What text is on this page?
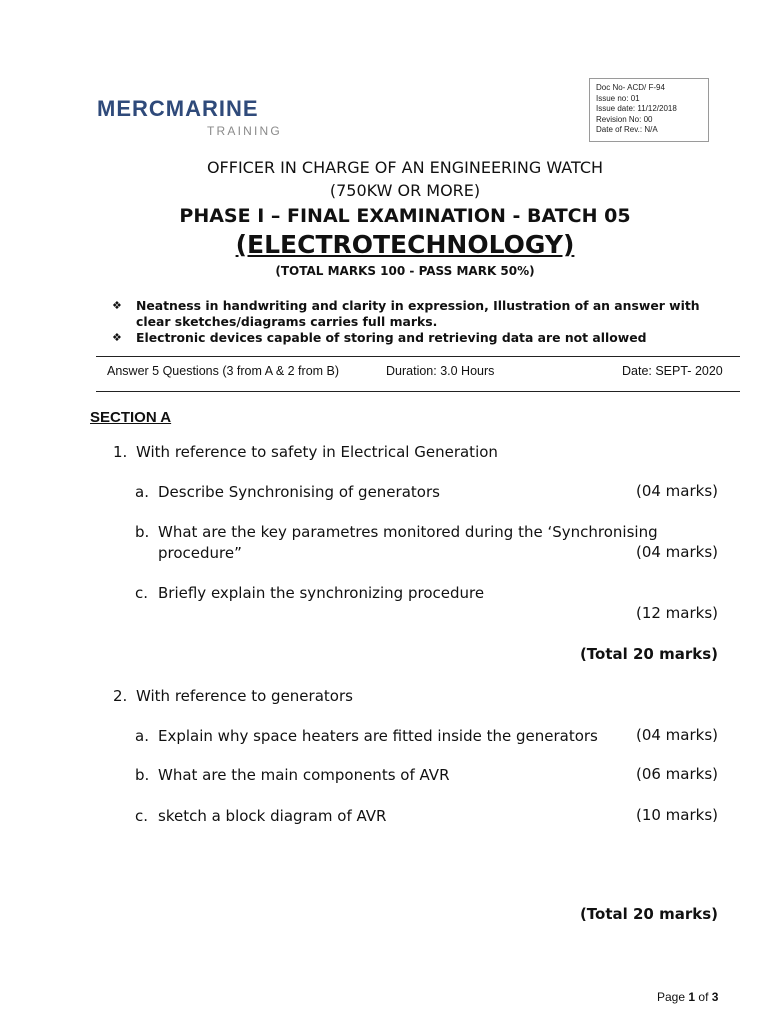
MERCMARINE
TRAINING
Doc No- ACD/ F-94
Issue no: 01
Issue date: 11/12/2018
Revision No: 00
Date of Rev.: N/A
OFFICER IN CHARGE OF AN ENGINEERING WATCH
(750KW OR MORE)
PHASE I – FINAL EXAMINATION - BATCH 05
(ELECTROTECHNOLOGY)
(TOTAL MARKS 100 - PASS MARK 50%)
❖ Neatness in handwriting and clarity in expression, Illustration of an answer with clear sketches/diagrams carries full marks.
❖ Electronic devices capable of storing and retrieving data are not allowed
Answer 5 Questions (3 from A & 2 from B)	Duration: 3.0 Hours	Date: SEPT- 2020
SECTION A
1. With reference to safety in Electrical Generation
a. Describe Synchronising of generators	(04 marks)
b. What are the key parametres monitored during the ‘Synchronising
procedure”	(04 marks)
c. Briefly explain the synchronizing procedure
(12 marks)
(Total 20 marks)
2. With reference to generators
a. Explain why space heaters are fitted inside the generators	(04 marks)
b. What are the main components of AVR	(06 marks)
c. sketch a block diagram of AVR	(10 marks)
(Total 20 marks)
Page 1 of 3
